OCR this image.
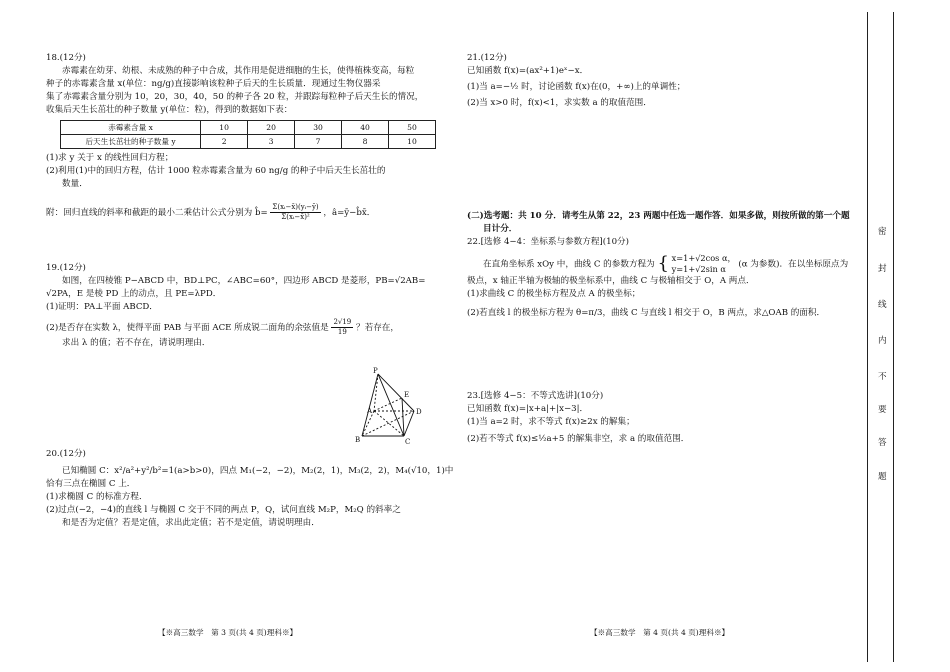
18.(12分)

赤霉素在幼芽、幼根、未成熟的种子中合成，其作用是促进细胞的生长，使得植株变高，每粒

种子的赤霉素含量 x(单位：ng/g)直接影响该粒种子后天的生长质量．现通过生物仪器采

集了赤霉素含量分别为 10，20，30，40，50 的种子各 20 粒，并跟踪每粒种子后天生长的情况，

收集后天生长茁壮的种子数量 y(单位：粒)，得到的数据如下表：

赤霉素含量 x	10	20	30	40	50
后天生长茁壮的种子数量 y	2	3	7	8	10

(1)求 y 关于 x 的线性回归方程；

(2)利用(1)中的回归方程，估计 1000 粒赤霉素含量为 60 ng/g 的种子中后天生长茁壮的

数量．

附：回归直线的斜率和截距的最小二乘估计公式分别为 b̂= $\frac{\text{Σ(xᵢ−x̄)(yᵢ−ȳ)}}{\text{Σ(xᵢ−x̄)²}}$ ，â=ȳ−b̂x̄．

19.(12分)

如图，在四棱锥 P−ABCD 中，BD⊥PC，∠ABC=60°，四边形 ABCD 是菱形，PB=√2AB=

√2PA，E 是棱 PD 上的动点，且 PE=λPD．

(1)证明：PA⊥平面 ABCD．

(2)是否存在实数 λ，使得平面 PAB 与平面 ACE 所成锐二面角的余弦值是 $\frac{2√19}{19}$ ？若存在，

求出 λ 的值；若不存在，请说明理由．

P
E
A	D
B	C

20.(12分)

已知椭圆 C：x²/a²+y²/b²=1(a>b>0)，四点 M₁(−2，−2)，M₂(2，1)，M₃(2，2)，M₄(√10，1)中

恰有三点在椭圆 C 上．

(1)求椭圆 C 的标准方程．

(2)过点(−2，−4)的直线 l 与椭圆 C 交于不同的两点 P，Q，试问直线 M₂P，M₂Q 的斜率之

和是否为定值？若是定值，求出此定值；若不是定值，请说明理由．

21.(12分)

已知函数 f(x)=(ax²+1)eˣ−x．

(1)当 a=−½ 时，讨论函数 f(x)在(0，+∞)上的单调性；

(2)当 x>0 时，f(x)<1，求实数 a 的取值范围．

(二)选考题：共 10 分．请考生从第 22，23 两题中任选一题作答．如果多做，则按所做的第一个题

目计分．

22.[选修 4−4：坐标系与参数方程](10分)

在直角坐标系 xOy 中，曲线 C 的参数方程为 { x=1+√2cos α，
y=1+√2sin α	(α 为参数)．在以坐标原点为

极点，x 轴正半轴为极轴的极坐标系中，曲线 C 与极轴相交于 O，A 两点．

(1)求曲线 C 的极坐标方程及点 A 的极坐标；

(2)若直线 l 的极坐标方程为 θ=π/3，曲线 C 与直线 l 相交于 O，B 两点，求△OAB 的面积．

23.[选修 4−5：不等式选讲](10分)

已知函数 f(x)=|x+a|+|x−3|．

(1)当 a=2 时，求不等式 f(x)≥2x 的解集；

(2)若不等式 f(x)≤½a+5 的解集非空，求 a 的取值范围．

【※高三数学　第 3 页(共 4 页)理科※】	【※高三数学　第 4 页(共 4 页)理科※】
密
封
线
内
不
要
答
题
